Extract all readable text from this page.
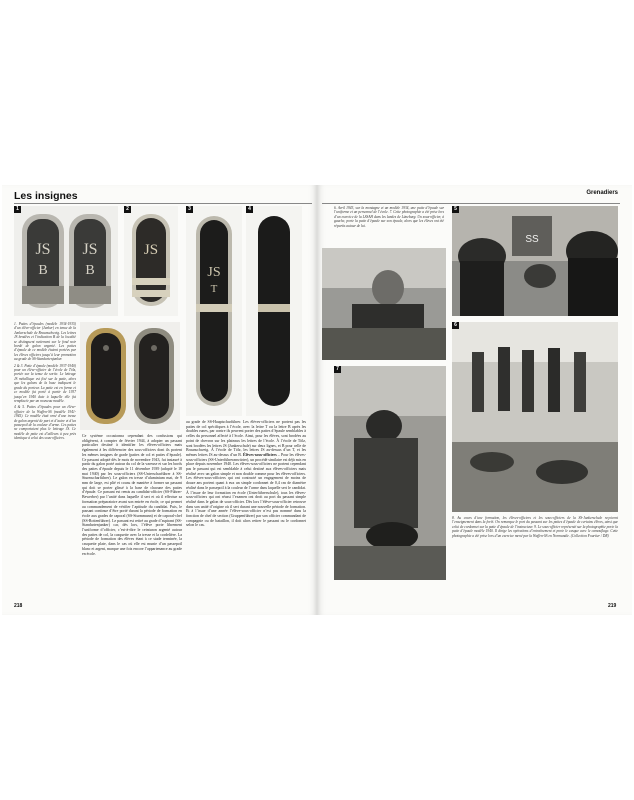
Les insignes	Grenadiers
JS
B
JS
B
1
JS
2
1. Pattes d’épaules (modèle 1934-1935) d’un élève-officier (Junker) en tenue de la Junkerschule de Braunschweig. Les lettres JS brodées et l’indication B de la localité se distinguent nettement sur le fond noir bordé de galon argenté. Les pattes d’épaule de ce modèle étaient portées par les élèves officiers jusqu’à leur promotion au grade de SS-Standartenjunker.
2 & 3. Patte d’épaule (modèle 1937-1940) pour un élève-officier de l’école de Tölz, portée sur la tenue de sortie. Le lettrage JS métallique est fixé sur la patte, alors que les galons de la base indiquent le grade du porteur. La patte est en forme et ce modèle fut porté à partir de 1937 jusqu’en 1940 date à laquelle elle fut remplacée par un nouveau modèle.
4 & 5. Pattes d’épaules pour un élève-officier de la Waffen-SS (modèle 1941-1945). Ce modèle était orné d’une tresse de galon argenté de part et d’autre et d’un passepoil de la couleur d’arme. Ces pattes ne comportaient plus le lettrage JS. Ce modèle de patte est d’ailleurs à peu près identique à celui des sous-officiers.
JS
T
3	4
Ce système occasionna cependant des confusions qui obligèrent, à compter de février 1944, à adopter un passant particulier destiné à identifier les élèves-officiers mais également à les différencier des sous-officiers dont ils portent les mêmes insignes de grade (pattes de col et pattes d’épaule). Ce passant adopté dès le mois de novembre 1943, fut instauré à partir du galon porté autour du col de la vareuse et sur les bords des pattes d’épaule depuis le 11 décembre 1939 (adopté le 18 mai 1940) par les sous-officiers (SS-Unterscharführer à SS-Sturmscharführer). Le galon en tresse d’aluminium mat, de 9 mm de large, est plié et cousu de manière à former un passant qui doit se porter glissé à la base de chacune des pattes d’épaule. Ce passant est remis au candidat-officier (SS-Führer-Bewerber) par l’unité dans laquelle il sert et où il effectue sa formation préparatoire avant son entrée en école, ce qui permet au commandement de vérifier l’aptitude du candidat. Puis, le passant continue d’être porté durant la période de formation en école aux grades de caporal (SS-Sturmmann) et de caporal-chef (SS-Rottenführer). Le passant est retiré au grade d’aspirant (SS-Standartenjunker) car, dès lors, l’élève porte librement l’uniforme d’officier, c’est-à-dire le ceinturon argenté autour des pattes de col, la casquette avec la tresse et la cordelière. La période de formation des élèves étant à ce stade terminée, la casquette plate, dans le cas où elle est munie d’un passepoil blanc et argent, marque une fois encore l’appartenance au grade en école.
au grade de SS-Hauptscharführer. Les élèves-officiers ne portent pas les pattes de col spécifiques à l’école, avec la lettre T ou la lettre B après les doubles runes, par contre ils peuvent porter des pattes d’épaule semblables à celles du personnel affecté à l’école. Ainsi, pour les élèves, sont brodées au point de chevron sur les plateaux les lettres de l’école. À l’école de Tölz, sont brodées les lettres JS (Junkerschule) sur deux lignes, et B pour celle de Braunschweig. À l’école de Tölz, les lettres JS au-dessus d’un T, et les mêmes lettres JS au-dessus d’un B. Élèves-sous-officiers – Pour les élèves-sous-officiers (SS-Unterführeranwärter), un procédé similaire est déjà mis en place depuis novembre 1940. Les élèves-sous-officiers ne portent cependant pas le passant qui est semblable à celui destiné aux élèves-officiers mais réalisé avec un galon simple et non double comme pour les élèves-officiers. Les élèves-sous-officiers qui ont contracté un engagement de moins de douze ans portent quant à eux un simple cordonnet de 0,4 cm de diamètre réalisé dans le passepoil à la couleur de l’arme dans laquelle sert le candidat. À l’issue de leur formation en école (Unterführerschule), tous les élèves-sous-officiers qui ont réussi l’examen ont droit au port du passant simple réalisé dans le galon de sous-officier. Dès lors l’élève-sous-officier retrouve dans son unité d’origine où il sert durant une nouvelle période de formation. Et à l’issue d’une année l’élève-sous-officier n’est pas nommé dans la fonction de chef de section (Gruppenführer) par son officier commandant de compagnie ou de bataillon, il doit alors retirer le passant ou le cordonnet selon le cas.
6. Avril 1943, sur la montagne et un modèle 1934, une patte d’épaule sur l’uniforme et un personnel de l’école. 7. Cette photographie a été prise lors d’un exercice de la LSSAH dans les landes de Lüneburg. Un sous-officier, à gauche, porte la patte d’épaule sur son épaule, alors que les élèves ont été répartis autour de lui.
SS
5
6
7
8. Au cours d’une formation, les élèves-officiers et les sous-officiers de la SS-Junkerschule reçoivent l’enseignement dans la forêt. On remarque le port du passant sur les pattes d’épaule de certains élèves, ainsi que celui de cordonnet sur la patte d’épaule de l’instructeur. 9. Le sous-officier représenté sur la photographie porte la patte d’épaule modèle 1940. Il dirige les opérations d’entraînement et porte le casque avec le camouflage. Cette photographie a été prise lors d’un exercice mené par la Waffen-SS en Normandie. (Collection Fourtier / DR)
218	219
